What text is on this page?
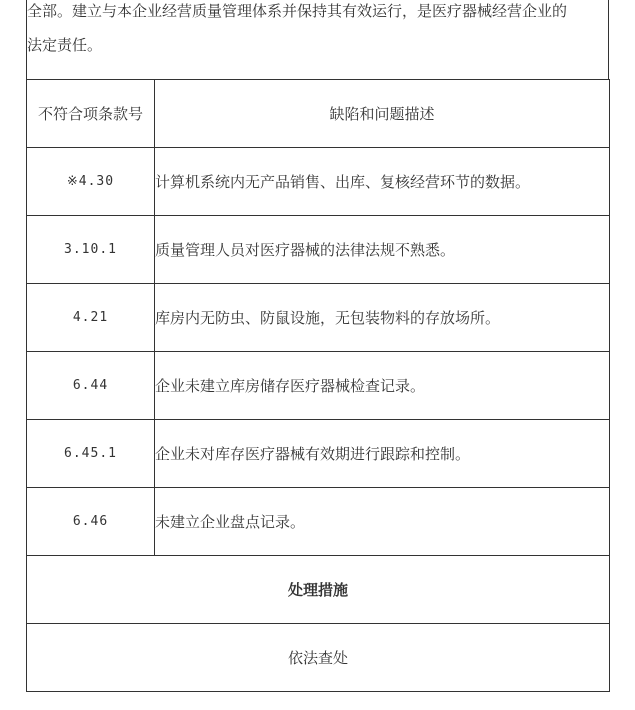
全部。建立与本企业经营质量管理体系并保持其有效运行，是医疗器械经营企业的
法定责任。
不符合项条款号	缺陷和问题描述
※4.30	计算机系统内无产品销售、出库、复核经营环节的数据。
3.10.1	质量管理人员对医疗器械的法律法规不熟悉。
4.21	库房内无防虫、防鼠设施，无包装物料的存放场所。
6.44	企业未建立库房储存医疗器械检查记录。
6.45.1	企业未对库存医疗器械有效期进行跟踪和控制。
6.46	未建立企业盘点记录。
处理措施	
依法查处	
